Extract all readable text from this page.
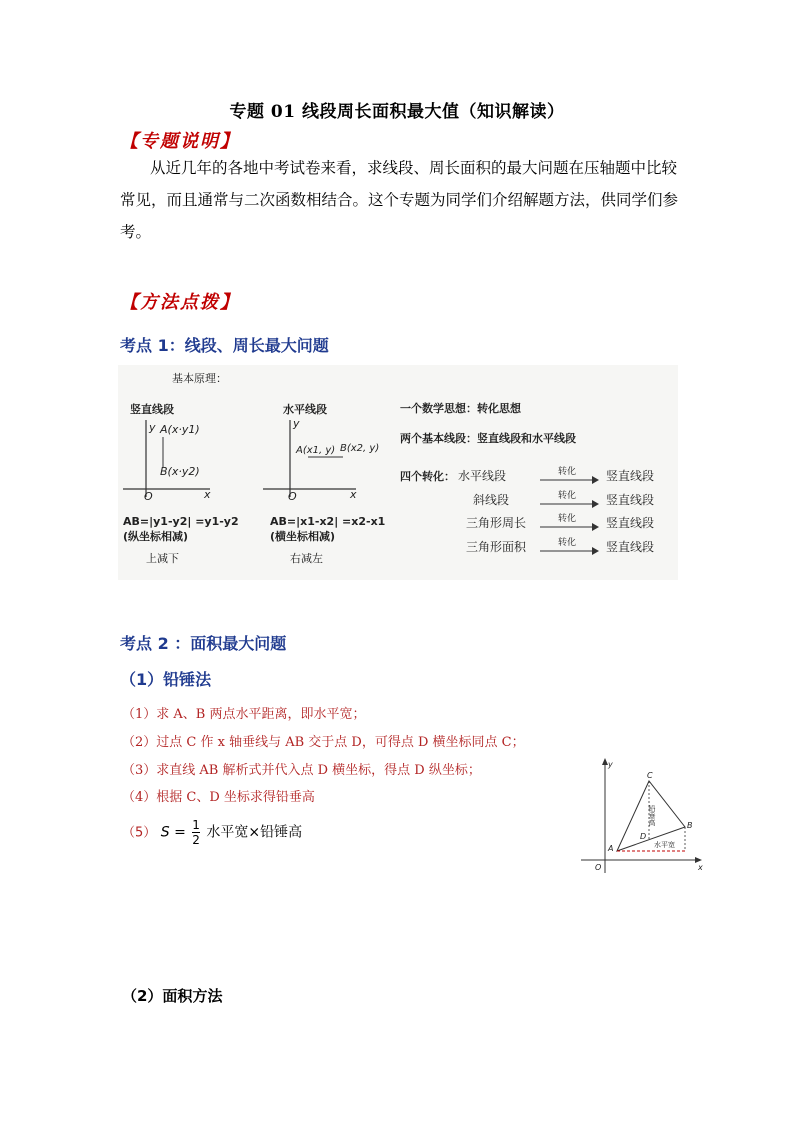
专题 01 线段周长面积最大值（知识解读）
【专题说明】
从近几年的各地中考试卷来看，求线段、周长面积的最大问题在压轴题中比较常见，而且通常与二次函数相结合。这个专题为同学们介绍解题方法，供同学们参考。
【方法点拨】
考点 1：线段、周长最大问题
基本原理：
竖直线段
y
x
O
A(x·y1)
B(x·y2)
AB=|y1-y2| =y1-y2
(纵坐标相减)
上减下
水平线段
y
x
O
A(x1, y) B(x2, y)
AB=|x1-x2| =x2-x1
(横坐标相减)
右减左
一个数学思想：转化思想
两个基本线段：竖直线段和水平线段
四个转化： 水平线段	转化 竖直线段
斜线段	转化 竖直线段
三角形周长	转化 竖直线段
三角形面积	转化 竖直线段
考点 2 ：面积最大问题
（1）铅锤法
（1）求 A、B 两点水平距离，即水平宽；
（2）过点 C 作 x 轴垂线与 AB 交于点 D，可得点 D 横坐标同点 C；
（3）求直线 AB 解析式并代入点 D 横坐标，得点 D 纵坐标；
（4）根据 C、D 坐标求得铅垂高
（5） $S = \frac{1}{2}$ 水平宽×铅锤高
y
x
O
C
A
B
D
铅垂高
水平宽
（2）面积方法
